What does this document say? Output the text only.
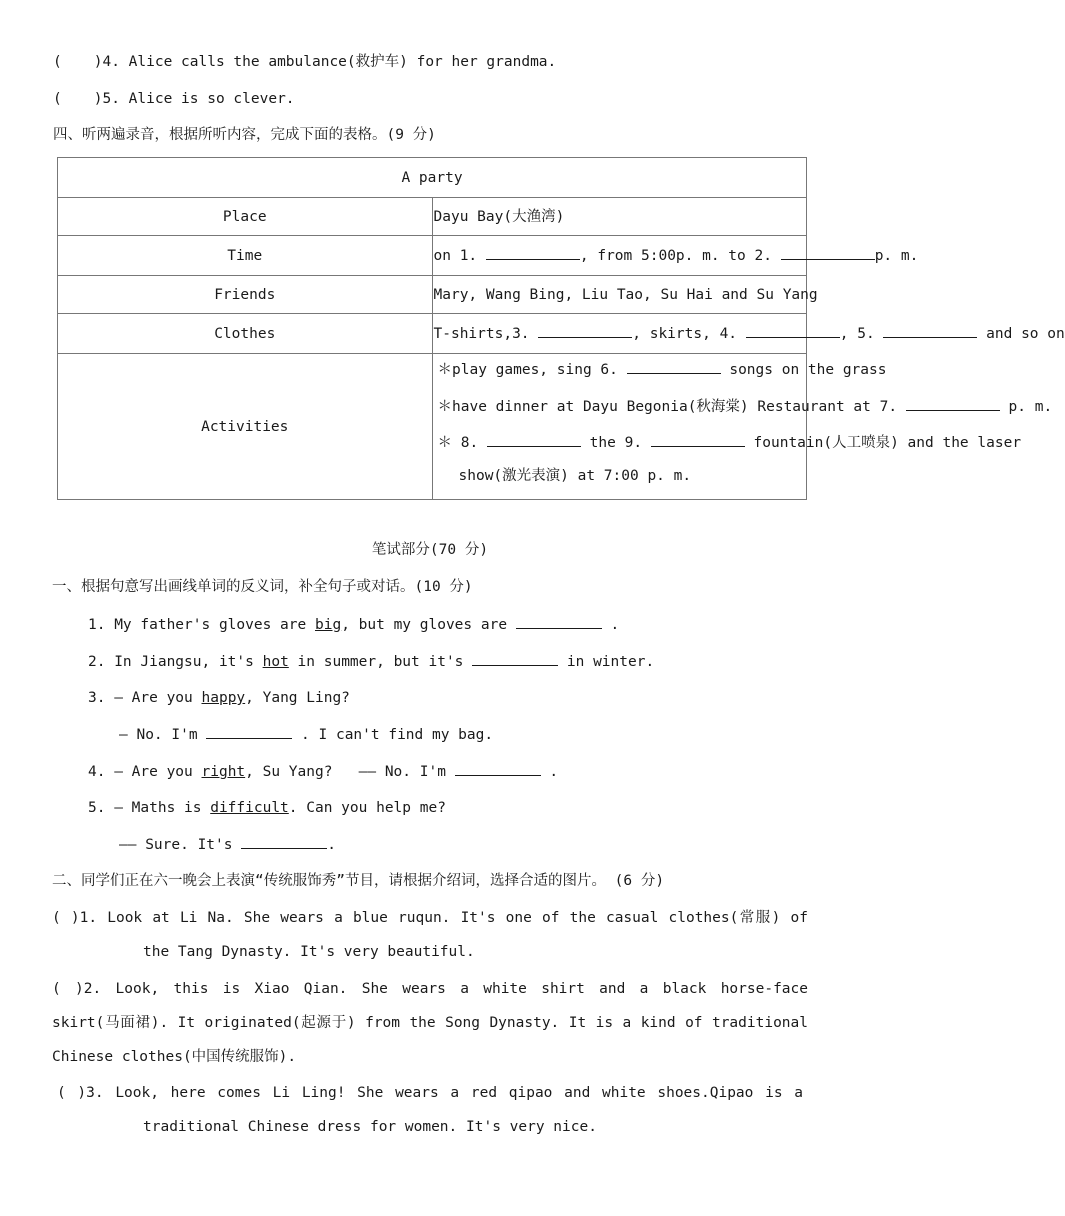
( )4. Alice calls the ambulance(救护车) for her grandma.
( )5. Alice is so clever.
四、听两遍录音，根据所听内容，完成下面的表格。(9 分)
A party	
Place	Dayu Bay(大渔湾)
Time	on 1. , from 5:00p. m. to 2. p. m.
Friends	Mary, Wang Bing, Liu Tao, Su Hai and Su Yang
Clothes	T-shirts,3. , skirts, 4. , 5. and so on
Activities	＊play games, sing 6. songs on the grass
＊have dinner at Dayu Begonia(秋海棠) Restaurant at 7. p. m.
＊ 8. the 9. fountain(人工喷泉) and the laser
show(激光表演) at 7:00 p. m.
笔试部分(70 分)
一、根据句意写出画线单词的反义词，补全句子或对话。(10 分)
1. My father's gloves are big, but my gloves are	.
2. In Jiangsu, it's hot in summer, but it's	in winter.
3. — Are you happy, Yang Ling?
— No. I'm	. I can't find my bag.
4. — Are you right, Su Yang?   —— No. I'm	.
5. — Maths is difficult. Can you help me?
—— Sure. It's	.
二、同学们正在六一晚会上表演“传统服饰秀”节目，请根据介绍词，选择合适的图片。 (6 分)
( )1. Look at Li Na. She wears a blue ruqun. It's one of the casual clothes(常服) of
the Tang Dynasty. It's very beautiful.
( )2. Look, this is Xiao Qian. She wears a white shirt and a black horse-face
skirt(马面裙). It originated(起源于) from the Song Dynasty. It is a kind of traditional
Chinese clothes(中国传统服饰).
( )3. Look, here comes Li Ling! She wears a red qipao and white shoes.Qipao is a
traditional Chinese dress for women. It's very nice.
